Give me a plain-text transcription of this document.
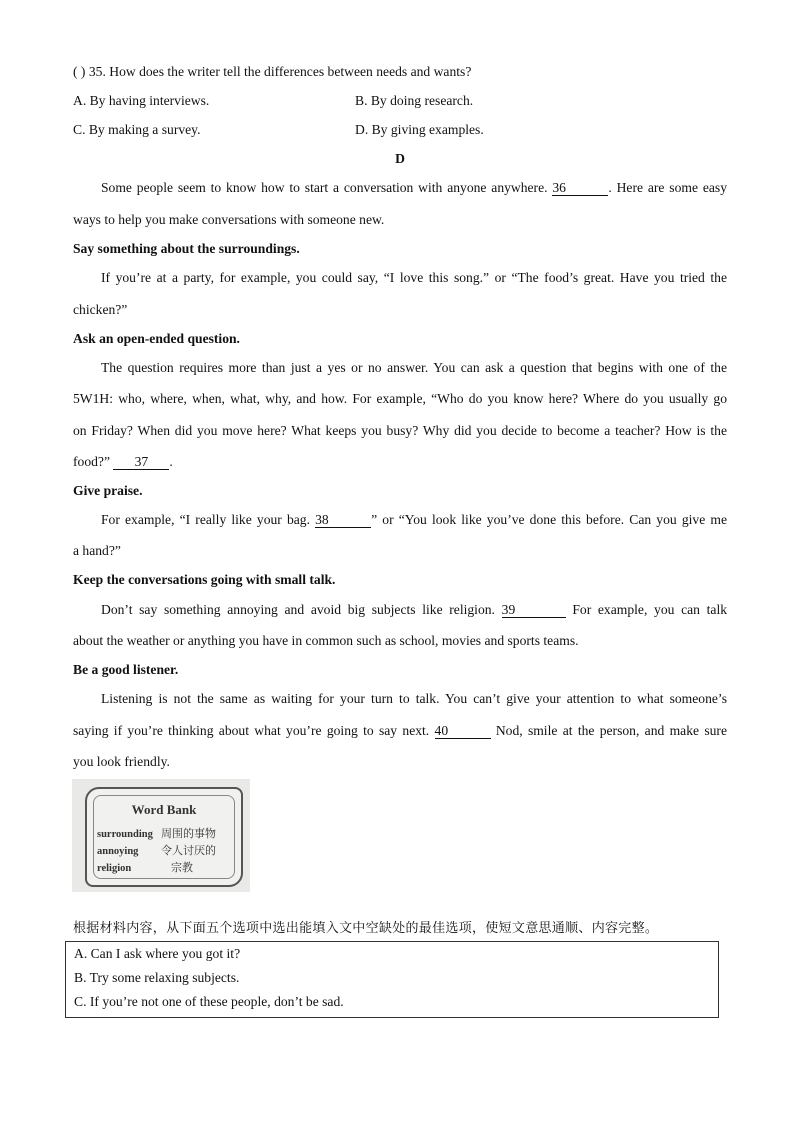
( ) 35. How does the writer tell the differences between needs and wants?
A. By having interviews.	B. By doing research.
C. By making a survey.	D. By giving examples.
D
Some people seem to know how to start a conversation with anyone anywhere. 36	. Here are some easy
ways to help you make conversations with someone new.
Say something about the surroundings.
If you’re at a party, for example, you could say, “I love this song.” or “The food’s great. Have you tried the
chicken?”
Ask an open-ended question.
The question requires more than just a yes or no answer. You can ask a question that begins with one of the
5W1H: who, where, when, what, why, and how. For example, “Who do you know here? Where do you usually go
on Friday? When did you move here? What keeps you busy? Why did you decide to become a teacher? How is the
food?” 37 .
Give praise.
For example, “I really like your bag. 38	” or “You look like you’ve done this before. Can you give me
a hand?”
Keep the conversations going with small talk.
Don’t say something annoying and avoid big subjects like religion. 39	For example, you can talk
about the weather or anything you have in common such as school, movies and sports teams.
Be a good listener.
Listening is not the same as waiting for your turn to talk. You can’t give your attention to what someone’s
saying if you’re thinking about what you’re going to say next. 40	Nod, smile at the person, and make sure
you look friendly.
Word Bank
surrounding 周围的事物
annoying 令人讨厌的
religion	宗教
根据材料内容，从下面五个选项中选出能填入文中空缺处的最佳选项，使短文意思通顺、内容完整。
A. Can I ask where you got it?
B. Try some relaxing subjects.
C. If you’re not one of these people, don’t be sad.
